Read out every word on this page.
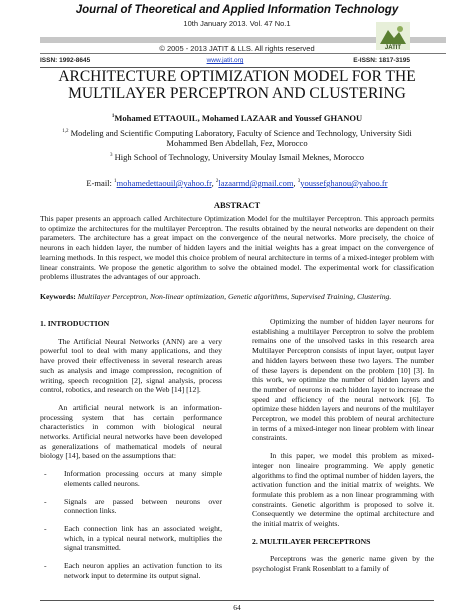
Journal of Theoretical and Applied Information Technology
10th January 2013. Vol. 47 No.1
© 2005 - 2013 JATIT & LLS. All rights reserved	JATIT
ISSN: 1992-8645	www.jatit.org	E-ISSN: 1817-3195
ARCHITECTURE OPTIMIZATION MODEL FOR THE
MULTILAYER PERCEPTRON AND CLUSTERING
$^1$Mohamed ETTAOUIL, Mohamed LAZAAR and Youssef GHANOU
$^{1,2}$ Modeling and Scientific Computing Laboratory, Faculty of Science and Technology, University Sidi
Mohammed Ben Abdellah, Fez, Morocco
$^3$ High School of Technology, University Moulay Ismail Meknes, Morocco
E-mail: $^1$mohamedettaouil@yahoo.fr, $^2$lazaarmd@gmail.com, $^3$youssefghanou@yahoo.fr
ABSTRACT
This paper presents an approach called Architecture Optimization Model for the multilayer Perceptron. This approach permits to optimize the architectures for the multilayer Perceptron. The results obtained by the neural networks are dependent on their parameters. The architecture has a great impact on the convergence of the neural networks. More precisely, the choice of neurons in each hidden layer, the number of hidden layers and the initial weights has a great impact on the convergence of learning methods. In this respect, we model this choice problem of neural architecture in terms of a mixed-integer problem with linear constraints. We propose the genetic algorithm to solve the obtained model. The experimental work for classification problems illustrates the advantages of our approach.
Keywords: Multilayer Perceptron, Non-linear optimization, Genetic algorithms, Supervised Training, Clustering.
1. INTRODUCTION
The Artificial Neural Networks (ANN) are a very powerful tool to deal with many applications, and they have proved their effectiveness in several research areas such as analysis and image compression, recognition of writing, speech recognition [2], signal analysis, process control, robotics, and research on the Web [14] [12].
An artificial neural network is an information-processing system that has certain performance characteristics in common with biological neural networks. Artificial neural networks have been developed as generalizations of mathematical models of neural biology [14], based on the assumptions that:
- Information processing occurs at many simple elements called neurons.
- Signals are passed between neurons over connection links.
- Each connection link has an associated weight, which, in a typical neural network, multiplies the signal transmitted.
- Each neuron applies an activation function to its network input to determine its output signal.
Optimizing the number of hidden layer neurons for establishing a multilayer Perceptron to solve the problem remains one of the unsolved tasks in this research area Multilayer Perceptron consists of input layer, output layer and hidden layers between these two layers. The number of these layers is dependent on the problem [10] [3]. In this work, we optimize the number of hidden layers and the number of neurons in each hidden layer to increase the speed and efficiency of the neural network [6]. To optimize these hidden layers and neurons of the multilayer Perceptron, we model this problem of neural architecture in terms of a mixed-integer non linear problem with linear constraints.
In this paper, we model this problem as mixed-integer non lineaire programming. We apply genetic algorithms to find the optimal number of hidden layers, the activation function and the initial matrix of weights. We formulate this problem as a non linear programming with constraints. Genetic algorithm is proposed to solve it. Consequently we determine the optimal architecture and the initial matrix of weights.
2. MULTILAYER PERCEPTRONS
Perceptrons was the generic name given by the psychologist Frank Rosenblatt to a family of
64
